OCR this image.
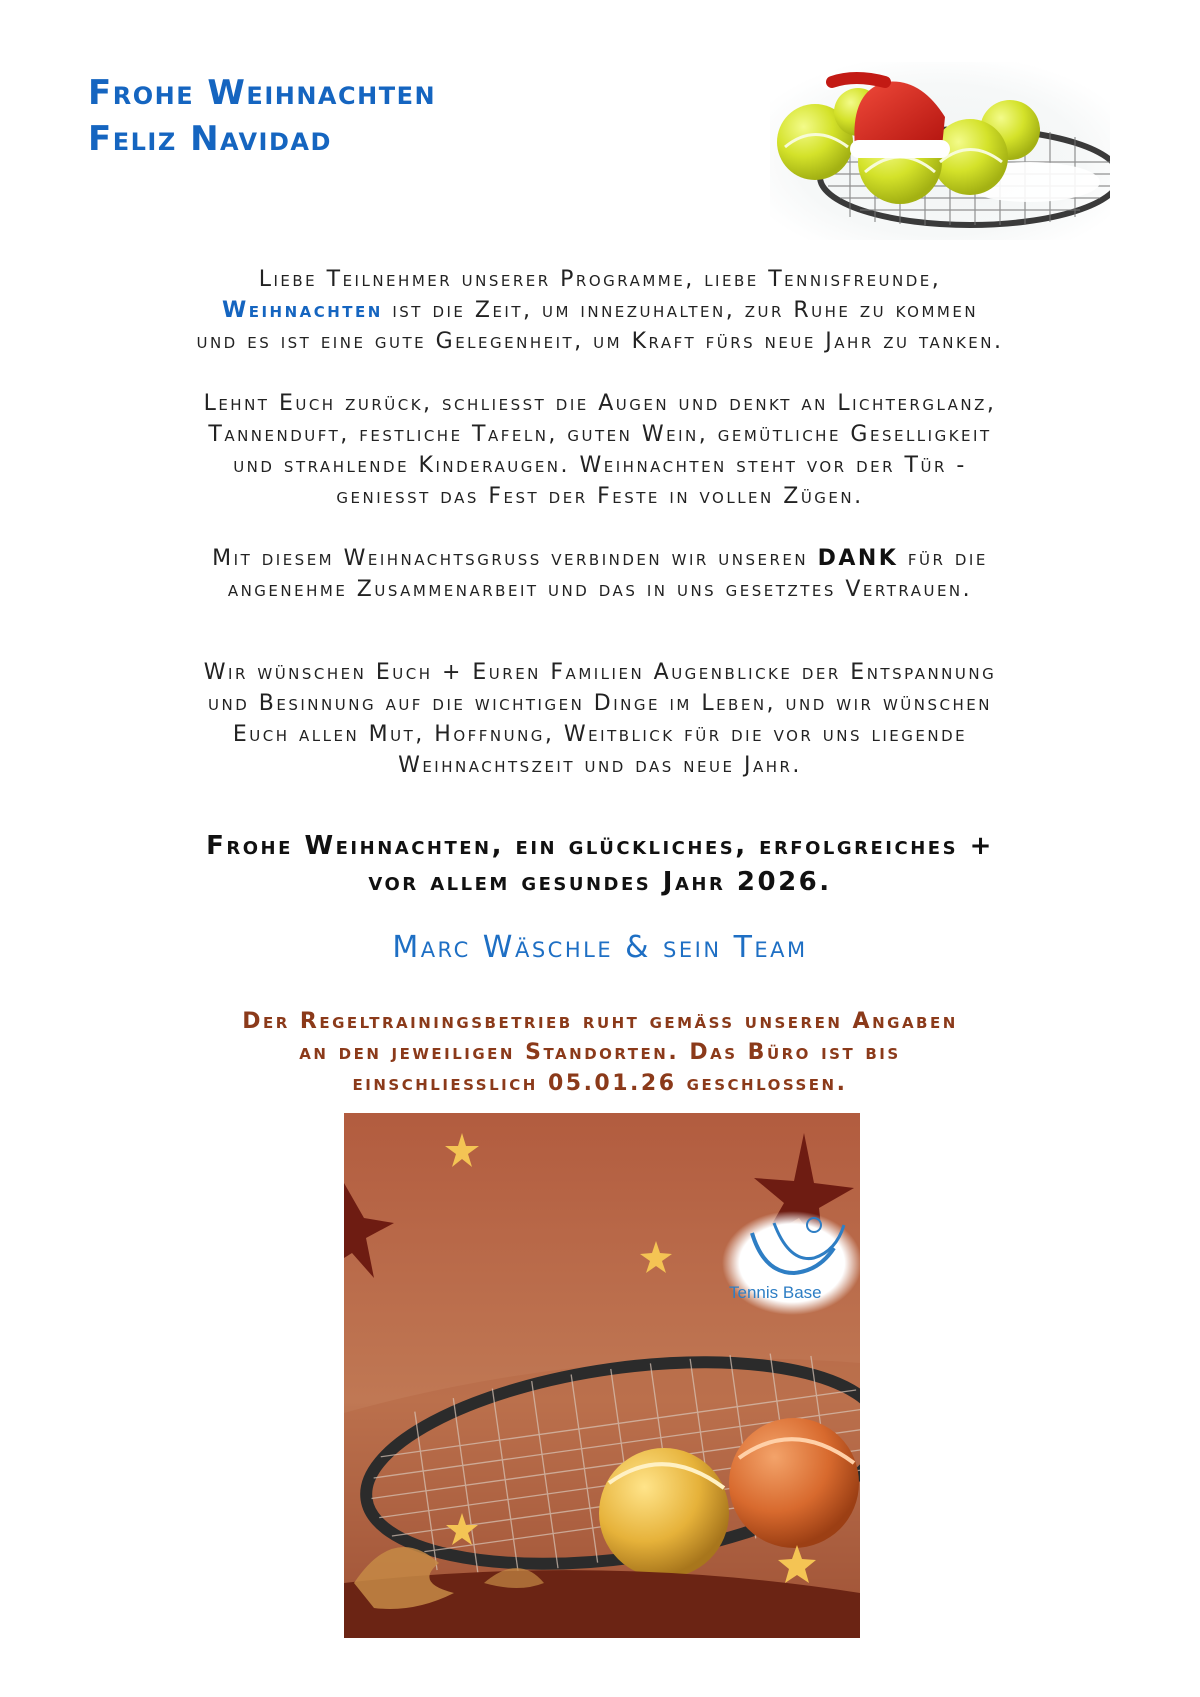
Frohe Weihnachten
Feliz Navidad
Liebe Teilnehmer unserer Programme, liebe Tennisfreunde,
Weihnachten ist die Zeit, um innezuhalten, zur Ruhe zu kommen
und es ist eine gute Gelegenheit, um Kraft fürs neue Jahr zu tanken.
Lehnt Euch zurück, schliesst die Augen und denkt an Lichterglanz,
Tannenduft, festliche Tafeln, guten Wein, gemütliche Geselligkeit
und strahlende Kinderaugen. Weihnachten steht vor der Tür -
geniesst das Fest der Feste in vollen Zügen.
Mit diesem Weihnachtsgruss verbinden wir unseren DANK für die
angenehme Zusammenarbeit und das in uns gesetztes Vertrauen.
Wir wünschen Euch + Euren Familien Augenblicke der Entspannung
und Besinnung auf die wichtigen Dinge im Leben, und wir wünschen
Euch allen Mut, Hoffnung, Weitblick für die vor uns liegende
Weihnachtszeit und das neue Jahr.
Frohe Weihnachten, ein glückliches, erfolgreiches +
vor allem gesundes Jahr 2026.
Marc Wäschle & sein Team
Der Regeltrainingsbetrieb ruht gemäss unseren Angaben
an den jeweiligen Standorten. Das Büro ist bis
einschliesslich 05.01.26 geschlossen.
Tennis Base
